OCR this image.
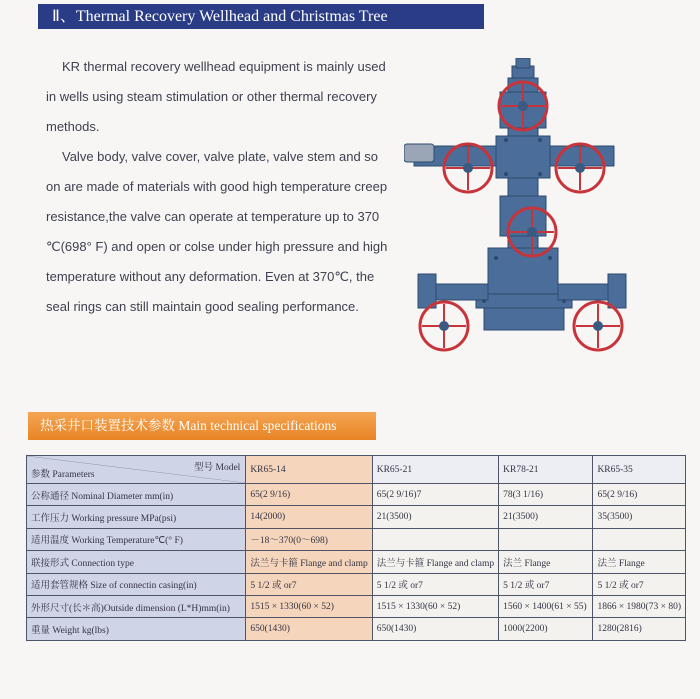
Ⅱ、Thermal Recovery Wellhead and Christmas Tree

KR thermal recovery wellhead equipment is mainly used in wells using steam stimulation or other thermal recovery methods.

Valve body, valve cover, valve plate, valve stem and so on are made of materials with good high temperature creep resistance,the valve can operate at temperature up to 370 ℃(698° F) and open or colse under high pressure and high temperature without any deformation. Even at 370℃, the seal rings can still maintain good sealing performance.

热采井口装置技术参数 Main technical specifications
型号 Model
参数 Parameters	KR65-14	KR65-21	KR78-21	KR65-35
公称通径 Nominal Diameter mm(in)	65(2 9/16)	65(2 9/16)7	78(3 1/16)	65(2 9/16)
工作压力 Working pressure MPa(psi)	14(2000)	21(3500)	21(3500)	35(3500)
适用温度 Working Temperature℃(° F)	－18～370(0～698)			
联接形式 Connection type	法兰与卡箍 Flange and clamp	法兰与卡箍 Flange and clamp	法兰 Flange	法兰 Flange
适用套管规格 Size of connectin casing(in)	5 1/2 或 or7	5 1/2 或 or7	5 1/2 或 or7	5 1/2 或 or7
外形尺寸(长＊高)Outside dimension (L*H)mm(in)	1515 × 1330(60 × 52)	1515 × 1330(60 × 52)	1560 × 1400(61 × 55)	1866 × 1980(73 × 80)
重量 Weight kg(lbs)	650(1430)	650(1430)	1000(2200)	1280(2816)
